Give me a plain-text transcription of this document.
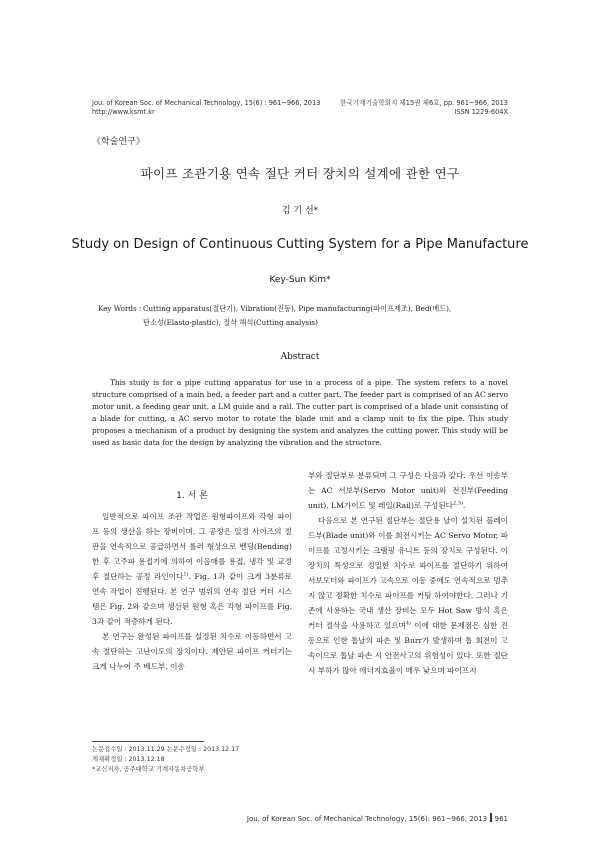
Jou. of Korean Soc. of Mechanical Technology, 15(6) : 961~966, 2013
http://www.ksmt.kr
한국기계기술학회지 제15권 제6호, pp. 961~966, 2013
ISSN 1229-604X
《학술연구》
파이프 조관기용 연속 절단 커터 장치의 설계에 관한 연구
김 기 선*
Study on Design of Continuous Cutting System for a Pipe Manufacture
Key-Sun Kim*
Key Words : Cutting apparatus(절단기), Vibration(진동), Pipe manufacturing(파이프제조), Bed(베드),
탄소성(Elasto-plastic), 절삭 해석(Cutting analysis)
Abstract
This study is for a pipe cutting apparatus for use in a process of a pipe. The system refers to a novel structure comprised of a main bed, a feeder part and a cutter part. The feeder part is comprised of an AC servo motor unit, a feeding gear unit, a LM guide and a rail. The cutter part is comprised of a blade unit consisting of a blade for cutting, a AC servo motor to rotate the blade unit and a clamp unit to fix the pipe. This study proposes a mechanism of a product by designing the system and analyzes the cutting power. This study will be used as basic data for the design by analyzing the vibration and the structure.
1. 서 론

일반적으로 파이프 조관 작업은 원형파이프와 각형 파이프 등의 생산을 하는 장비이며, 그 공정은 일정 사이즈의 절판을 연속적으로 공급하면서 롤러 형상으로 벤딩(Bending)한 후 고주파 용접기에 의하여 이음매를 용접, 냉각 및 교정 후 절단하는 공정 라인이다$^{1)}$. Fig. 1과 같이 크게 3분류로 연속 작업이 진행된다. 본 연구 범위의 연속 절단 커터 시스템은 Fig. 2와 같으며 생산된 원형 혹은 각형 파이프를 Fig. 3과 같이 적층하게 된다.

본 연구는 완성된 파이프를 설정된 치수로 이동하면서 고속 절단하는 고난이도의 장치이다. 제안된 파이프 커터기는 크게 나누어 주 베드부, 이송

부와 절단부로 분류되며 그 구성은 다음과 같다. 우선 이송부는 AC 서보부(Servo Motor unit)와 전진부(Feeding unit), LM가이드 및 레일(Rail)로 구성된다$^{2,3)}$.

다음으로 본 연구된 절단부는 절단용 날이 설치된 블레이드부(Blade unit)와 이를 회전시키는 AC Servo Motor, 파이프를 고정시키는 크램핑 유니트 등의 장치로 구성된다. 이 장치의 특성으로 정밀한 치수로 파이프를 절단하기 위하여 서보모터와 파이프가 고속으로 이동 중에도 연속적으로 멈추지 않고 정확한 치수로 파이프를 커팅 하여야한다. 그러나 기존에 사용하는 국내 생산 장비는 모두 Hot Saw 방식 혹은 커터 절삭을 사용하고 있으며$^{4)}$ 이에 대한 문제점은 심한 진동으로 인한 톱날의 파손 및 Burr가 발생하며 톱 회전이 고속이므로 톱날 파손 시 안전사고의 위험성이 있다. 또한 절단 시 부하가 많아 에너지효율이 매우 낮으며 파이프지

논문접수일 : 2013.11.29 논문수정일 : 2013.12.17
게재확정일 : 2013.12.18
*교신저자, 공주대학교 기계자동차공학부
Jou. of Korean Soc. of Mechanical Technology, 15(6): 961~966, 2013 961
